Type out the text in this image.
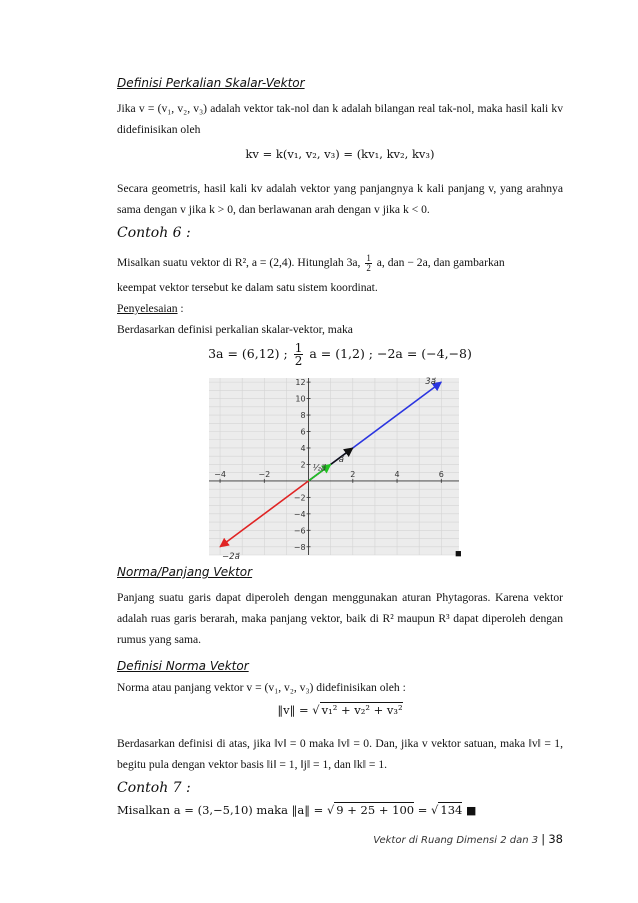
Definisi Perkalian Skalar-Vektor
Jika v = (v₁, v₂, v₃) adalah vektor tak-nol dan k adalah bilangan real tak-nol, maka hasil kali kv didefinisikan oleh
kv = k(v₁, v₂, v₃) = (kv₁, kv₂, kv₃)
Secara geometris, hasil kali kv adalah vektor yang panjangnya k kali panjang v, yang arahnya sama dengan v jika k > 0, dan berlawanan arah dengan v jika k < 0.
Contoh 6 :
Misalkan suatu vektor di R², a = (2,4). Hitunglah 3a, $\frac{1}{2} a$, dan − 2a, dan gambarkan
keempat vektor tersebut ke dalam satu sistem koordinat.
Penyelesaian :
Berdasarkan definisi perkalian skalar-vektor, maka
3a = (6,12) ; $\frac{1}{2}$ a = (1,2) ; −2a = (−4,−8)
−4	−2	2	4	6
−8
−6
−4
−2
2
4
6
8
10
12	3a⃗
a⃗
½a⃗
−2a⃗	■
Norma/Panjang Vektor
Panjang suatu garis dapat diperoleh dengan menggunakan aturan Phytagoras. Karena vektor adalah ruas garis berarah, maka panjang vektor, baik di R² maupun R³ dapat diperoleh dengan rumus yang sama.
Definisi Norma Vektor
Norma atau panjang vektor v = (v₁, v₂, v₃) didefinisikan oleh :
‖v‖ = √ v₁² + v₂² + v₃²
Berdasarkan definisi di atas, jika ‖v‖ = 0 maka ‖v‖ = 0. Dan, jika v vektor satuan, maka ‖v‖ = 1, begitu pula dengan vektor basis ‖i‖ = 1, ‖j‖ = 1, dan ‖k‖ = 1.
Contoh 7 :
Misalkan a = (3,−5,10) maka ‖a‖ = √ 9 + 25 + 100 = √ 134 ■
Vektor di Ruang Dimensi 2 dan 3 | 38
